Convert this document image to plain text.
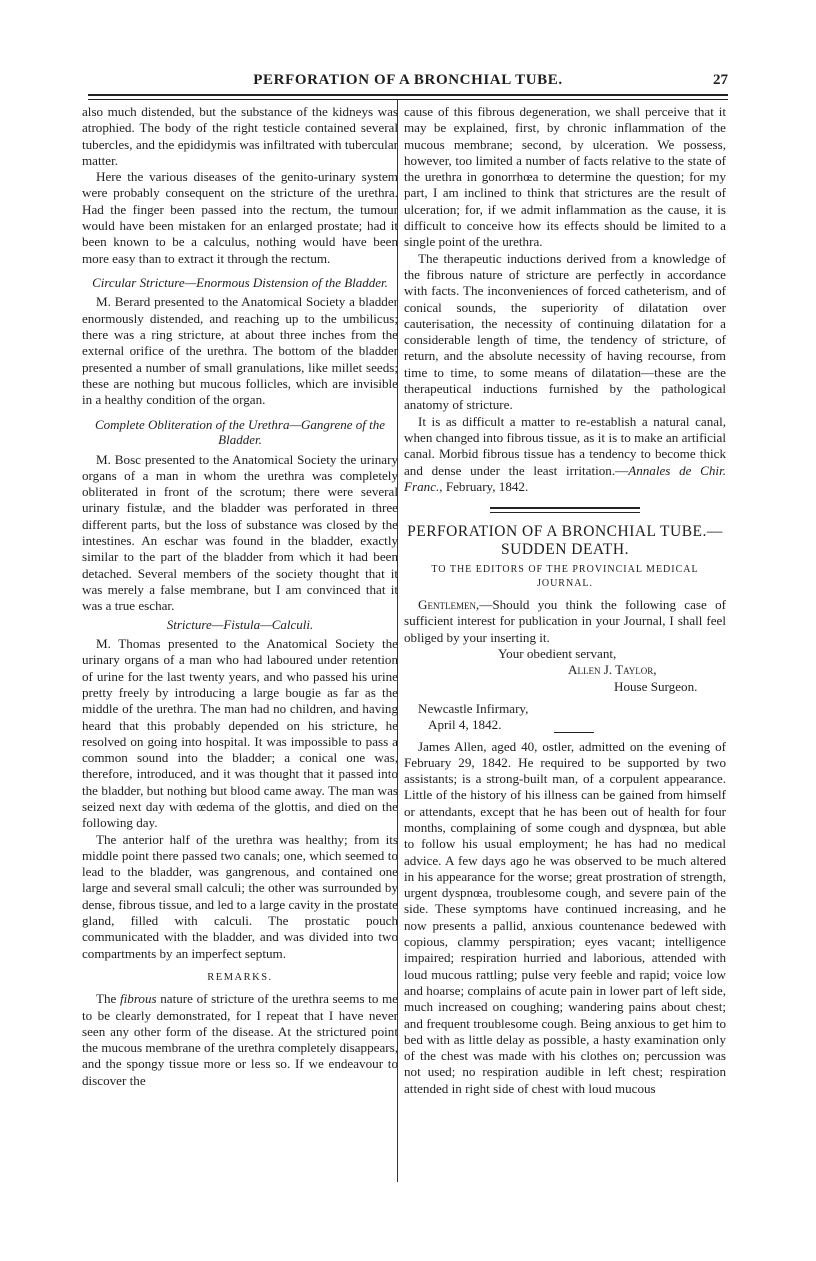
PERFORATION OF A BRONCHIAL TUBE.	27

also much distended, but the substance of the kidneys was atrophied. The body of the right testicle contained several tubercles, and the epididymis was infiltrated with tubercular matter.

Here the various diseases of the genito-urinary system were probably consequent on the stricture of the urethra. Had the finger been passed into the rectum, the tumour would have been mistaken for an enlarged prostate; had it been known to be a calculus, nothing would have been more easy than to extract it through the rectum.

Circular Stricture—Enormous Distension of the Bladder.

M. Berard presented to the Anatomical Society a bladder enormously distended, and reaching up to the umbilicus; there was a ring stricture, at about three inches from the external orifice of the urethra. The bottom of the bladder presented a number of small granulations, like millet seeds; these are nothing but mucous follicles, which are invisible in a healthy condition of the organ.

Complete Obliteration of the Urethra—Gangrene of the Bladder.

M. Bosc presented to the Anatomical Society the urinary organs of a man in whom the urethra was completely obliterated in front of the scrotum; there were several urinary fistulæ, and the bladder was perforated in three different parts, but the loss of substance was closed by the intestines. An eschar was found in the bladder, exactly similar to the part of the bladder from which it had been detached. Several members of the society thought that it was merely a false membrane, but I am convinced that it was a true eschar.

Stricture—Fistula—Calculi.

M. Thomas presented to the Anatomical Society the urinary organs of a man who had laboured under retention of urine for the last twenty years, and who passed his urine pretty freely by introducing a large bougie as far as the middle of the urethra. The man had no children, and having heard that this probably depended on his stricture, he resolved on going into hospital. It was impossible to pass a common sound into the bladder; a conical one was, therefore, introduced, and it was thought that it passed into the bladder, but nothing but blood came away. The man was seized next day with œdema of the glottis, and died on the following day.

The anterior half of the urethra was healthy; from its middle point there passed two canals; one, which seemed to lead to the bladder, was gangrenous, and contained one large and several small calculi; the other was surrounded by dense, fibrous tissue, and led to a large cavity in the prostate gland, filled with calculi. The prostatic pouch communicated with the bladder, and was divided into two compartments by an imperfect septum.

REMARKS.

The fibrous nature of stricture of the urethra seems to me to be clearly demonstrated, for I repeat that I have never seen any other form of the disease. At the strictured point the mucous membrane of the urethra completely disappears, and the spongy tissue more or less so. If we endeavour to discover the

cause of this fibrous degeneration, we shall perceive that it may be explained, first, by chronic inflammation of the mucous membrane; second, by ulceration. We possess, however, too limited a number of facts relative to the state of the urethra in gonorrhœa to determine the question; for my part, I am inclined to think that strictures are the result of ulceration; for, if we admit inflammation as the cause, it is difficult to conceive how its effects should be limited to a single point of the urethra.

The therapeutic inductions derived from a knowledge of the fibrous nature of stricture are perfectly in accordance with facts. The inconveniences of forced catheterism, and of conical sounds, the superiority of dilatation over cauterisation, the necessity of continuing dilatation for a considerable length of time, the tendency of stricture, of return, and the absolute necessity of having recourse, from time to time, to some means of dilatation—these are the therapeutical inductions furnished by the pathological anatomy of stricture.

It is as difficult a matter to re-establish a natural canal, when changed into fibrous tissue, as it is to make an artificial canal. Morbid fibrous tissue has a tendency to become thick and dense under the least irritation.—Annales de Chir. Franc., February, 1842.

PERFORATION OF A BRONCHIAL TUBE.— SUDDEN DEATH.
TO THE EDITORS OF THE PROVINCIAL MEDICAL JOURNAL.

Gentlemen,—Should you think the following case of sufficient interest for publication in your Journal, I shall feel obliged by your inserting it.

Your obedient servant,
Allen J. Taylor,
House Surgeon.
Newcastle Infirmary,
April 4, 1842.

James Allen, aged 40, ostler, admitted on the evening of February 29, 1842. He required to be supported by two assistants; is a strong-built man, of a corpulent appearance. Little of the history of his illness can be gained from himself or attendants, except that he has been out of health for four months, complaining of some cough and dyspnœa, but able to follow his usual employment; he has had no medical advice. A few days ago he was observed to be much altered in his appearance for the worse; great prostration of strength, urgent dyspnœa, troublesome cough, and severe pain of the side. These symptoms have continued increasing, and he now presents a pallid, anxious countenance bedewed with copious, clammy perspiration; eyes vacant; intelligence impaired; respiration hurried and laborious, attended with loud mucous rattling; pulse very feeble and rapid; voice low and hoarse; complains of acute pain in lower part of left side, much increased on coughing; wandering pains about chest; and frequent troublesome cough. Being anxious to get him to bed with as little delay as possible, a hasty examination only of the chest was made with his clothes on; percussion was not used; no respiration audible in left chest; respiration attended in right side of chest with loud mucous
